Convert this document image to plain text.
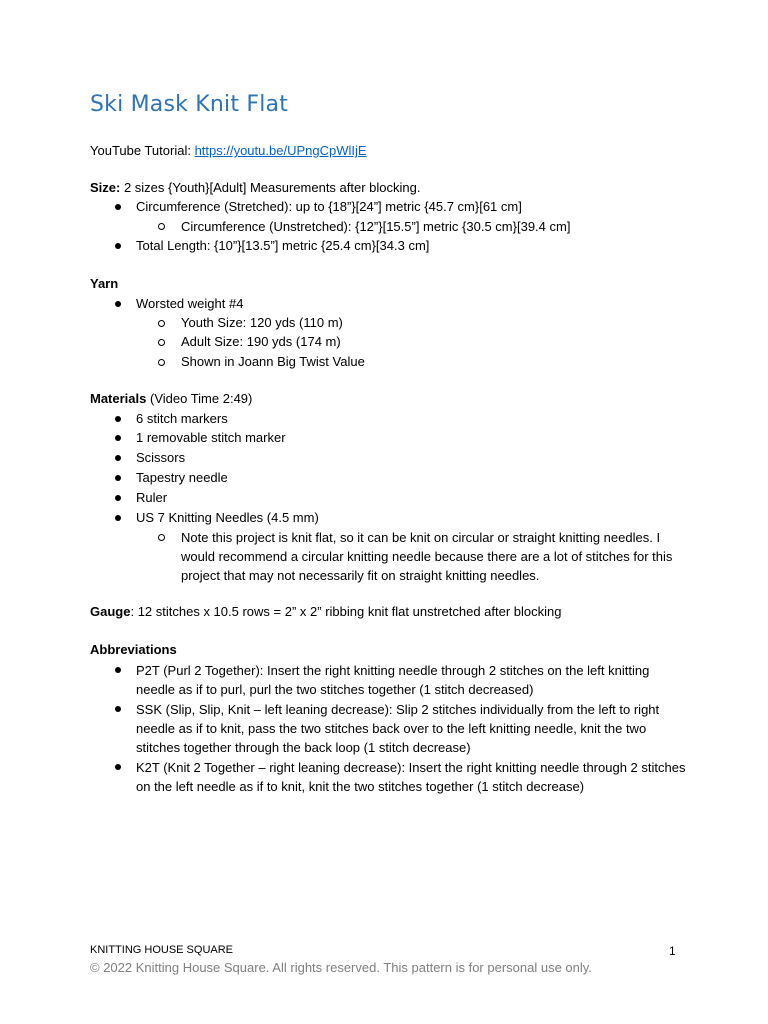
Ski Mask Knit Flat
YouTube Tutorial: https://youtu.be/UPngCpWlIjE
Size: 2 sizes {Youth}[Adult] Measurements after blocking.
Circumference (Stretched): up to {18”}[24”] metric {45.7 cm}[61 cm]
Circumference (Unstretched): {12”}[15.5”] metric {30.5 cm}[39.4 cm]
Total Length: {10”}[13.5”] metric {25.4 cm}[34.3 cm]
Yarn
Worsted weight #4
Youth Size: 120 yds (110 m)
Adult Size: 190 yds (174 m)
Shown in Joann Big Twist Value
Materials (Video Time 2:49)
6 stitch markers
1 removable stitch marker
Scissors
Tapestry needle
Ruler
US 7 Knitting Needles (4.5 mm)
Note this project is knit flat, so it can be knit on circular or straight knitting needles. I would recommend a circular knitting needle because there are a lot of stitches for this project that may not necessarily fit on straight knitting needles.
Gauge: 12 stitches x 10.5 rows = 2” x 2” ribbing knit flat unstretched after blocking
Abbreviations
P2T (Purl 2 Together): Insert the right knitting needle through 2 stitches on the left knitting needle as if to purl, purl the two stitches together (1 stitch decreased)
SSK (Slip, Slip, Knit – left leaning decrease): Slip 2 stitches individually from the left to right needle as if to knit, pass the two stitches back over to the left knitting needle, knit the two stitches together through the back loop (1 stitch decrease)
K2T (Knit 2 Together – right leaning decrease): Insert the right knitting needle through 2 stitches on the left needle as if to knit, knit the two stitches together (1 stitch decrease)
KNITTING HOUSE SQUARE	1
© 2022 Knitting House Square. All rights reserved. This pattern is for personal use only.
